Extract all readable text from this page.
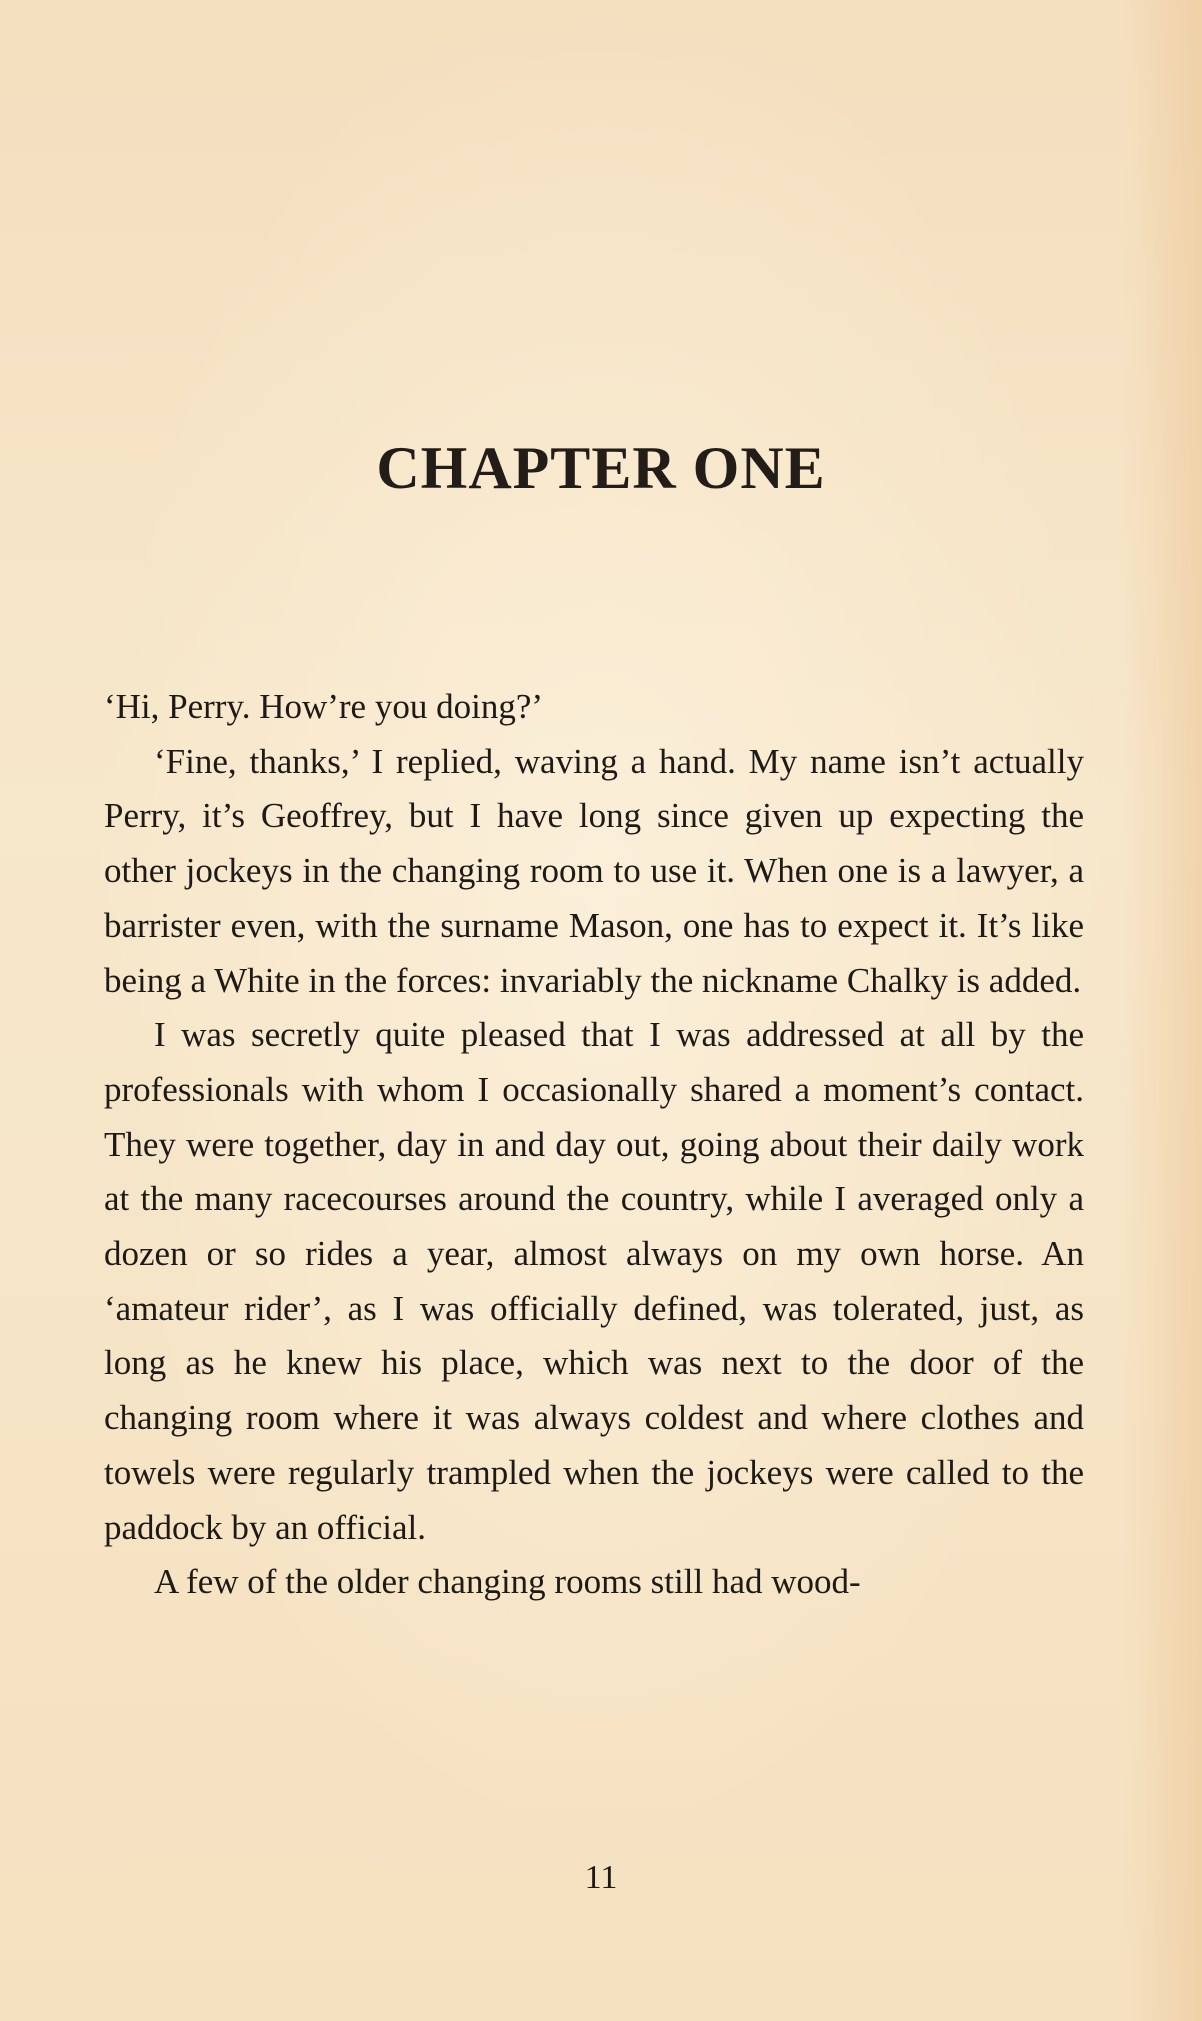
CHAPTER ONE

‘Hi, Perry. How’re you doing?’

‘Fine, thanks,’ I replied, waving a hand. My name isn’t actually Perry, it’s Geoffrey, but I have long since given up expecting the other jockeys in the changing room to use it. When one is a lawyer, a barrister even, with the surname Mason, one has to expect it. It’s like being a White in the forces: invariably the nickname Chalky is added.

I was secretly quite pleased that I was addressed at all by the professionals with whom I occasionally shared a moment’s contact. They were together, day in and day out, going about their daily work at the many racecourses around the country, while I averaged only a dozen or so rides a year, almost always on my own horse. An ‘amateur rider’, as I was officially defined, was tolerated, just, as long as he knew his place, which was next to the door of the changing room where it was always coldest and where clothes and towels were regularly trampled when the jockeys were called to the paddock by an official.

A few of the older changing rooms still had wood-

11
